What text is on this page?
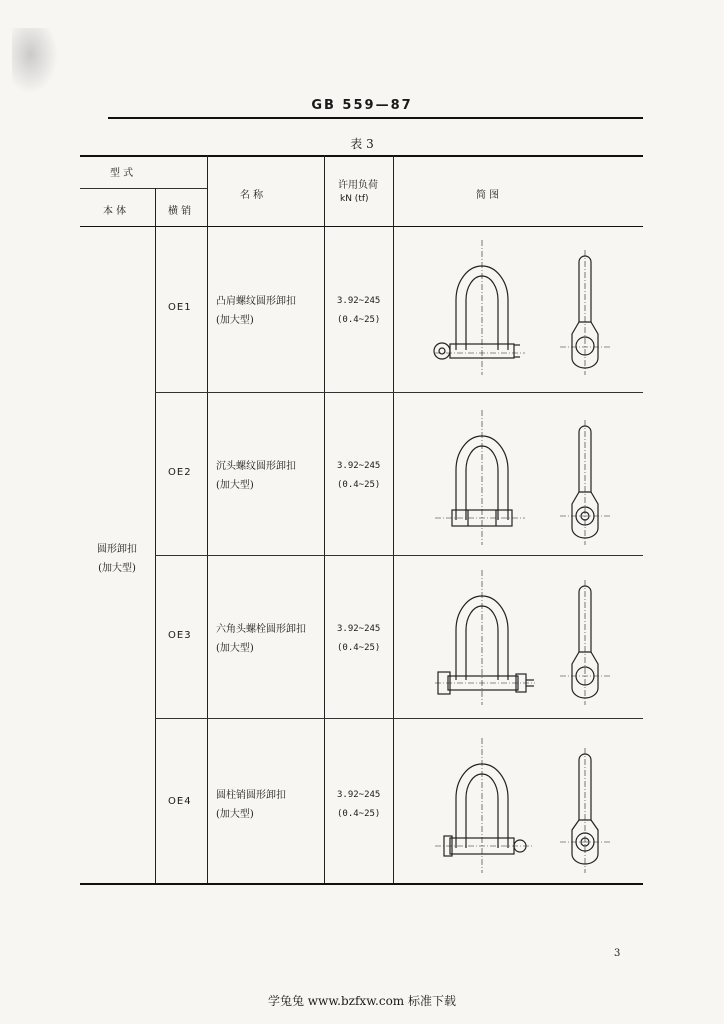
GB 559—87
表 3
型 式
本 体	横 销
名 称
许用负荷
kN (tf)	简 图
圆形卸扣
(加大型)
OE1
凸肩螺纹圆形卸扣
(加大型)
3.92~245
(0.4~25)
OE2
沉头螺纹圆形卸扣
(加大型)
3.92~245
(0.4~25)
OE3
六角头螺栓圆形卸扣
(加大型)
3.92~245
(0.4~25)
OE4
圆柱销圆形卸扣
(加大型)
3.92~245
(0.4~25)
3
学兔兔 www.bzfxw.com 标准下载
